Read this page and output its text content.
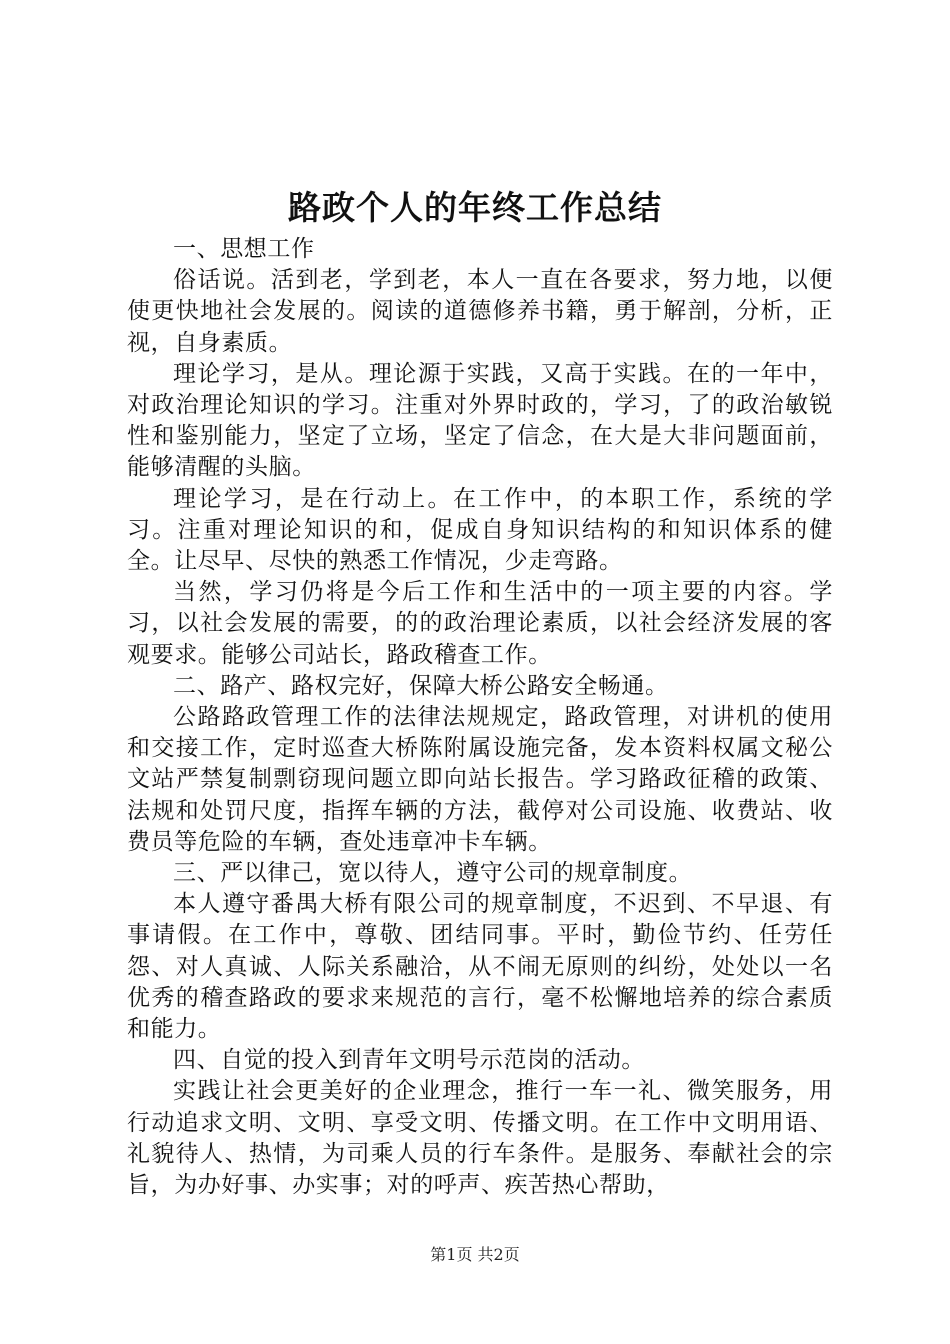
路政个人的年终工作总结

一、思想工作

俗话说。活到老，学到老，本人一直在各要求，努力地，以便使更快地社会发展的。阅读的道德修养书籍，勇于解剖，分析，正视，自身素质。

理论学习，是从。理论源于实践，又高于实践。在的一年中，对政治理论知识的学习。注重对外界时政的，学习，了的政治敏锐性和鉴别能力，坚定了立场，坚定了信念，在大是大非问题面前，能够清醒的头脑。

理论学习，是在行动上。在工作中，的本职工作，系统的学习。注重对理论知识的和，促成自身知识结构的和知识体系的健全。让尽早、尽快的熟悉工作情况，少走弯路。

当然，学习仍将是今后工作和生活中的一项主要的内容。学习，以社会发展的需要，的的政治理论素质，以社会经济发展的客观要求。能够公司站长，路政稽查工作。

二、路产、路权完好，保障大桥公路安全畅通。

公路路政管理工作的法律法规规定，路政管理，对讲机的使用和交接工作，定时巡查大桥陈附属设施完备，发本资料权属文秘公文站严禁复制剽窃现问题立即向站长报告。学习路政征稽的政策、法规和处罚尺度，指挥车辆的方法，截停对公司设施、收费站、收费员等危险的车辆，查处违章冲卡车辆。

三、严以律己，宽以待人，遵守公司的规章制度。

本人遵守番禺大桥有限公司的规章制度，不迟到、不早退、有事请假。在工作中，尊敬、团结同事。平时，勤俭节约、任劳任怨、对人真诚、人际关系融洽，从不闹无原则的纠纷，处处以一名优秀的稽查路政的要求来规范的言行，毫不松懈地培养的综合素质和能力。

四、自觉的投入到青年文明号示范岗的活动。

实践让社会更美好的企业理念，推行一车一礼、微笑服务，用行动追求文明、文明、享受文明、传播文明。在工作中文明用语、礼貌待人、热情，为司乘人员的行车条件。是服务、奉献社会的宗旨，为办好事、办实事；对的呼声、疾苦热心帮助，

第1页 共2页
